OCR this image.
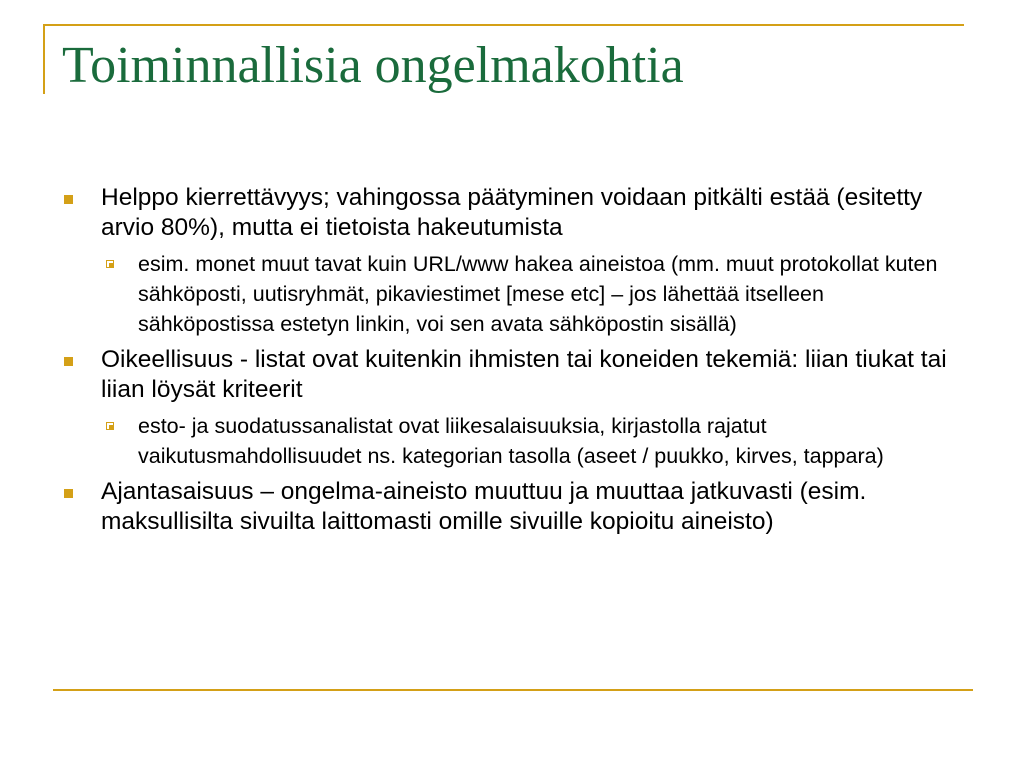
Toiminnallisia ongelmakohtia
Helppo kierrettävyys; vahingossa päätyminen voidaan pitkälti estää (esitetty arvio 80%), mutta ei tietoista hakeutumista
esim. monet muut tavat kuin URL/www hakea aineistoa (mm. muut protokollat kuten sähköposti, uutisryhmät, pikaviestimet [mese etc] – jos lähettää itselleen sähköpostissa estetyn linkin, voi sen avata sähköpostin sisällä)
Oikeellisuus - listat ovat kuitenkin ihmisten tai koneiden tekemiä: liian tiukat tai liian löysät kriteerit
esto- ja suodatussanalistat ovat liikesalaisuuksia, kirjastolla rajatut vaikutusmahdollisuudet ns. kategorian tasolla (aseet / puukko, kirves, tappara)
Ajantasaisuus – ongelma-aineisto muuttuu ja muuttaa jatkuvasti (esim. maksullisilta sivuilta laittomasti omille sivuille kopioitu aineisto)
